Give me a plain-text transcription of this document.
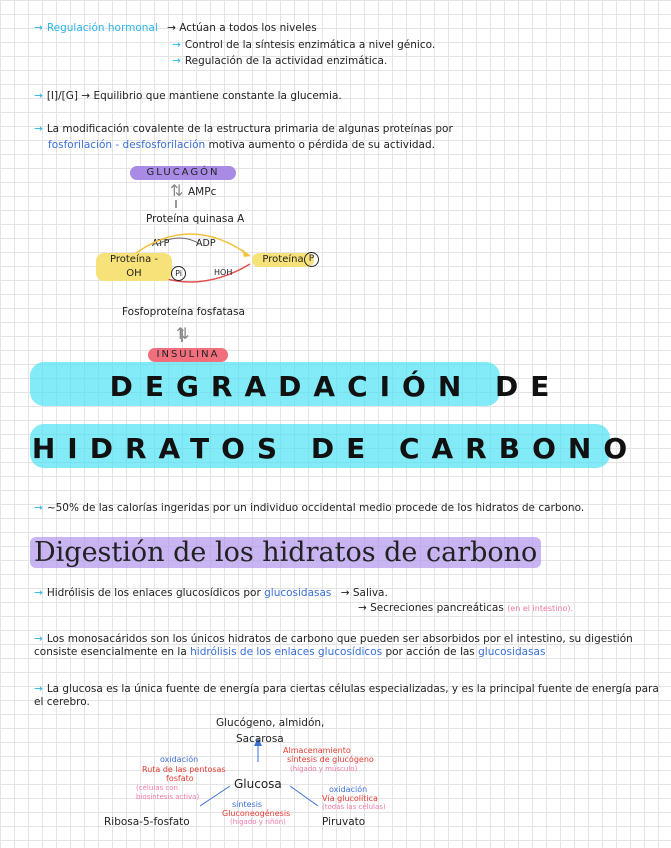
→ Regulación hormonal → Actúan a todos los niveles
→ Control de la síntesis enzimática a nivel génico.
→ Regulación de la actividad enzimática.
→ [I]/[G] → Equilibrio que mantiene constante la glucemia.
→ La modificación covalente de la estructura primaria de algunas proteínas por
fosforilación - desfosforilación motiva aumento o pérdida de su actividad.
GLUCAGÓN
⇅ AMPc
Proteína quinasa A
ATP	ADP
Proteína -OH
Proteína P
Pi	HOH
Fosfoproteína fosfatasa
⇅
INSULINA
DEGRADACIÓN DE
HIDRATOS DE CARBONO
→ ~50% de las calorías ingeridas por un individuo occidental medio procede de los hidratos de carbono.
Digestión de los hidratos de carbono
→ Hidrólisis de los enlaces glucosídicos por glucosidasas → Saliva.
→ Secreciones pancreáticas (en el intestino).
→ Los monosacáridos son los únicos hidratos de carbono que pueden ser absorbidos por el intestino, su digestión consiste esencialmente en la hidrólisis de los enlaces glucosídicos por acción de las glucosidasas
→ La glucosa es la única fuente de energía para ciertas células especializadas, y es la principal fuente de energía para el cerebro.
Glucógeno, almidón,
Sacarosa
Glucosa
Almacenamiento
síntesis de glucógeno
(hígado y músculo)
oxidación
Ruta de las pentosas
fosfato
(células con biosíntesis activa)
oxidación
Vía glucolítica
(todas las células)
síntesis
Gluconeogénesis
(hígado y riñón)
Ribosa-5-fosfato	Piruvato
